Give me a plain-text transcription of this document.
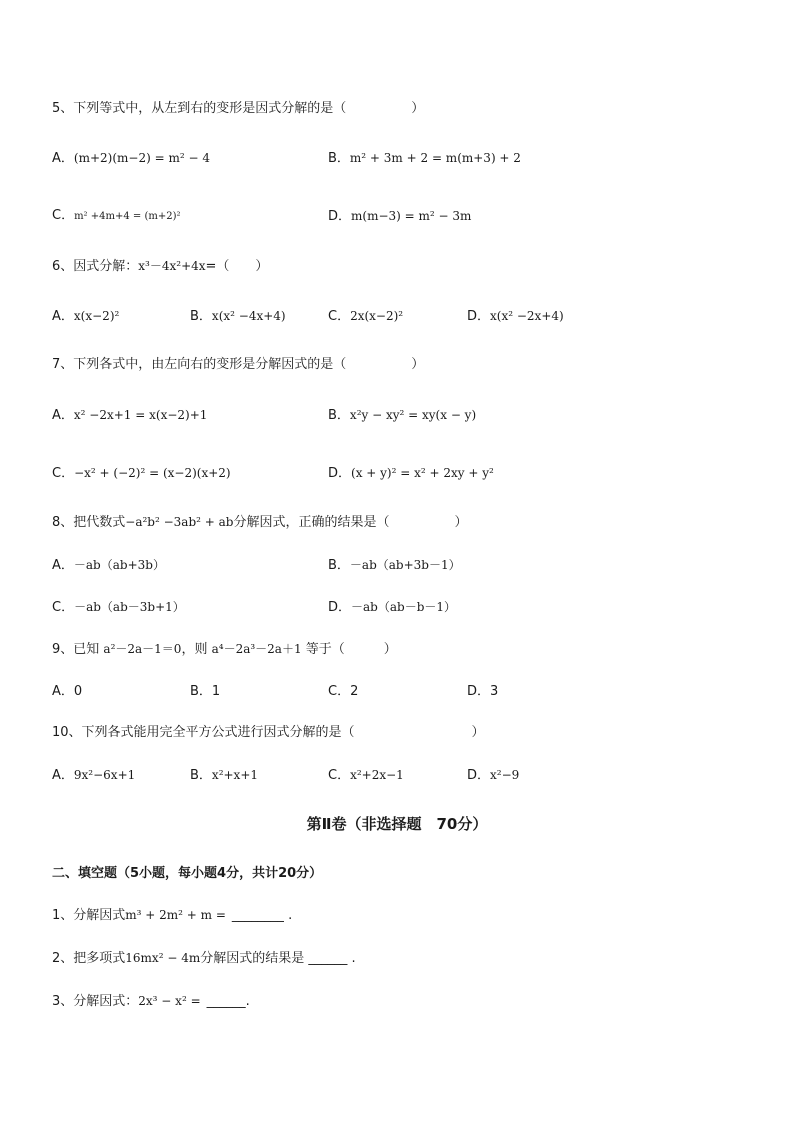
5、下列等式中，从左到右的变形是因式分解的是（　　　　　）
A．(m+2)(m−2) = m² − 4	B．m² + 3m + 2 = m(m+3) + 2
C．m² +4m+4 = (m+2)²	D．m(m−3) = m² − 3m
6、因式分解：x³－4x²+4x=（　　）
A．x(x−2)²	B．x(x² −4x+4)	C．2x(x−2)²	D．x(x² −2x+4)
7、下列各式中，由左向右的变形是分解因式的是（　　　　　）
A．x² −2x+1 = x(x−2)+1	B．x²y − xy² = xy(x − y)
C．−x² + (−2)² = (x−2)(x+2)	D．(x + y)² = x² + 2xy + y²
8、把代数式−a²b² −3ab² + ab分解因式，正确的结果是（　　　　　）
A．－ab（ab+3b）	B．－ab（ab+3b－1）
C．－ab（ab－3b+1）	D．－ab（ab－b－1）
9、已知 a²－2a－1＝0，则 a⁴－2a³－2a＋1 等于（　　　）
A．0	B．1	C．2	D．3
10、下列各式能用完全平方公式进行因式分解的是（　　　　　　　　　）
A．9x²−6x+1	B．x²+x+1	C．x²+2x−1	D．x²−9
第Ⅱ卷（非选择题　70分）
二、填空题（5小题，每小题4分，共计20分）
1、分解因式m³ + 2m² + m = ________ .
2、把多项式16mx² − 4m分解因式的结果是 ______ .
3、分解因式：2x³ − x² = ______.
